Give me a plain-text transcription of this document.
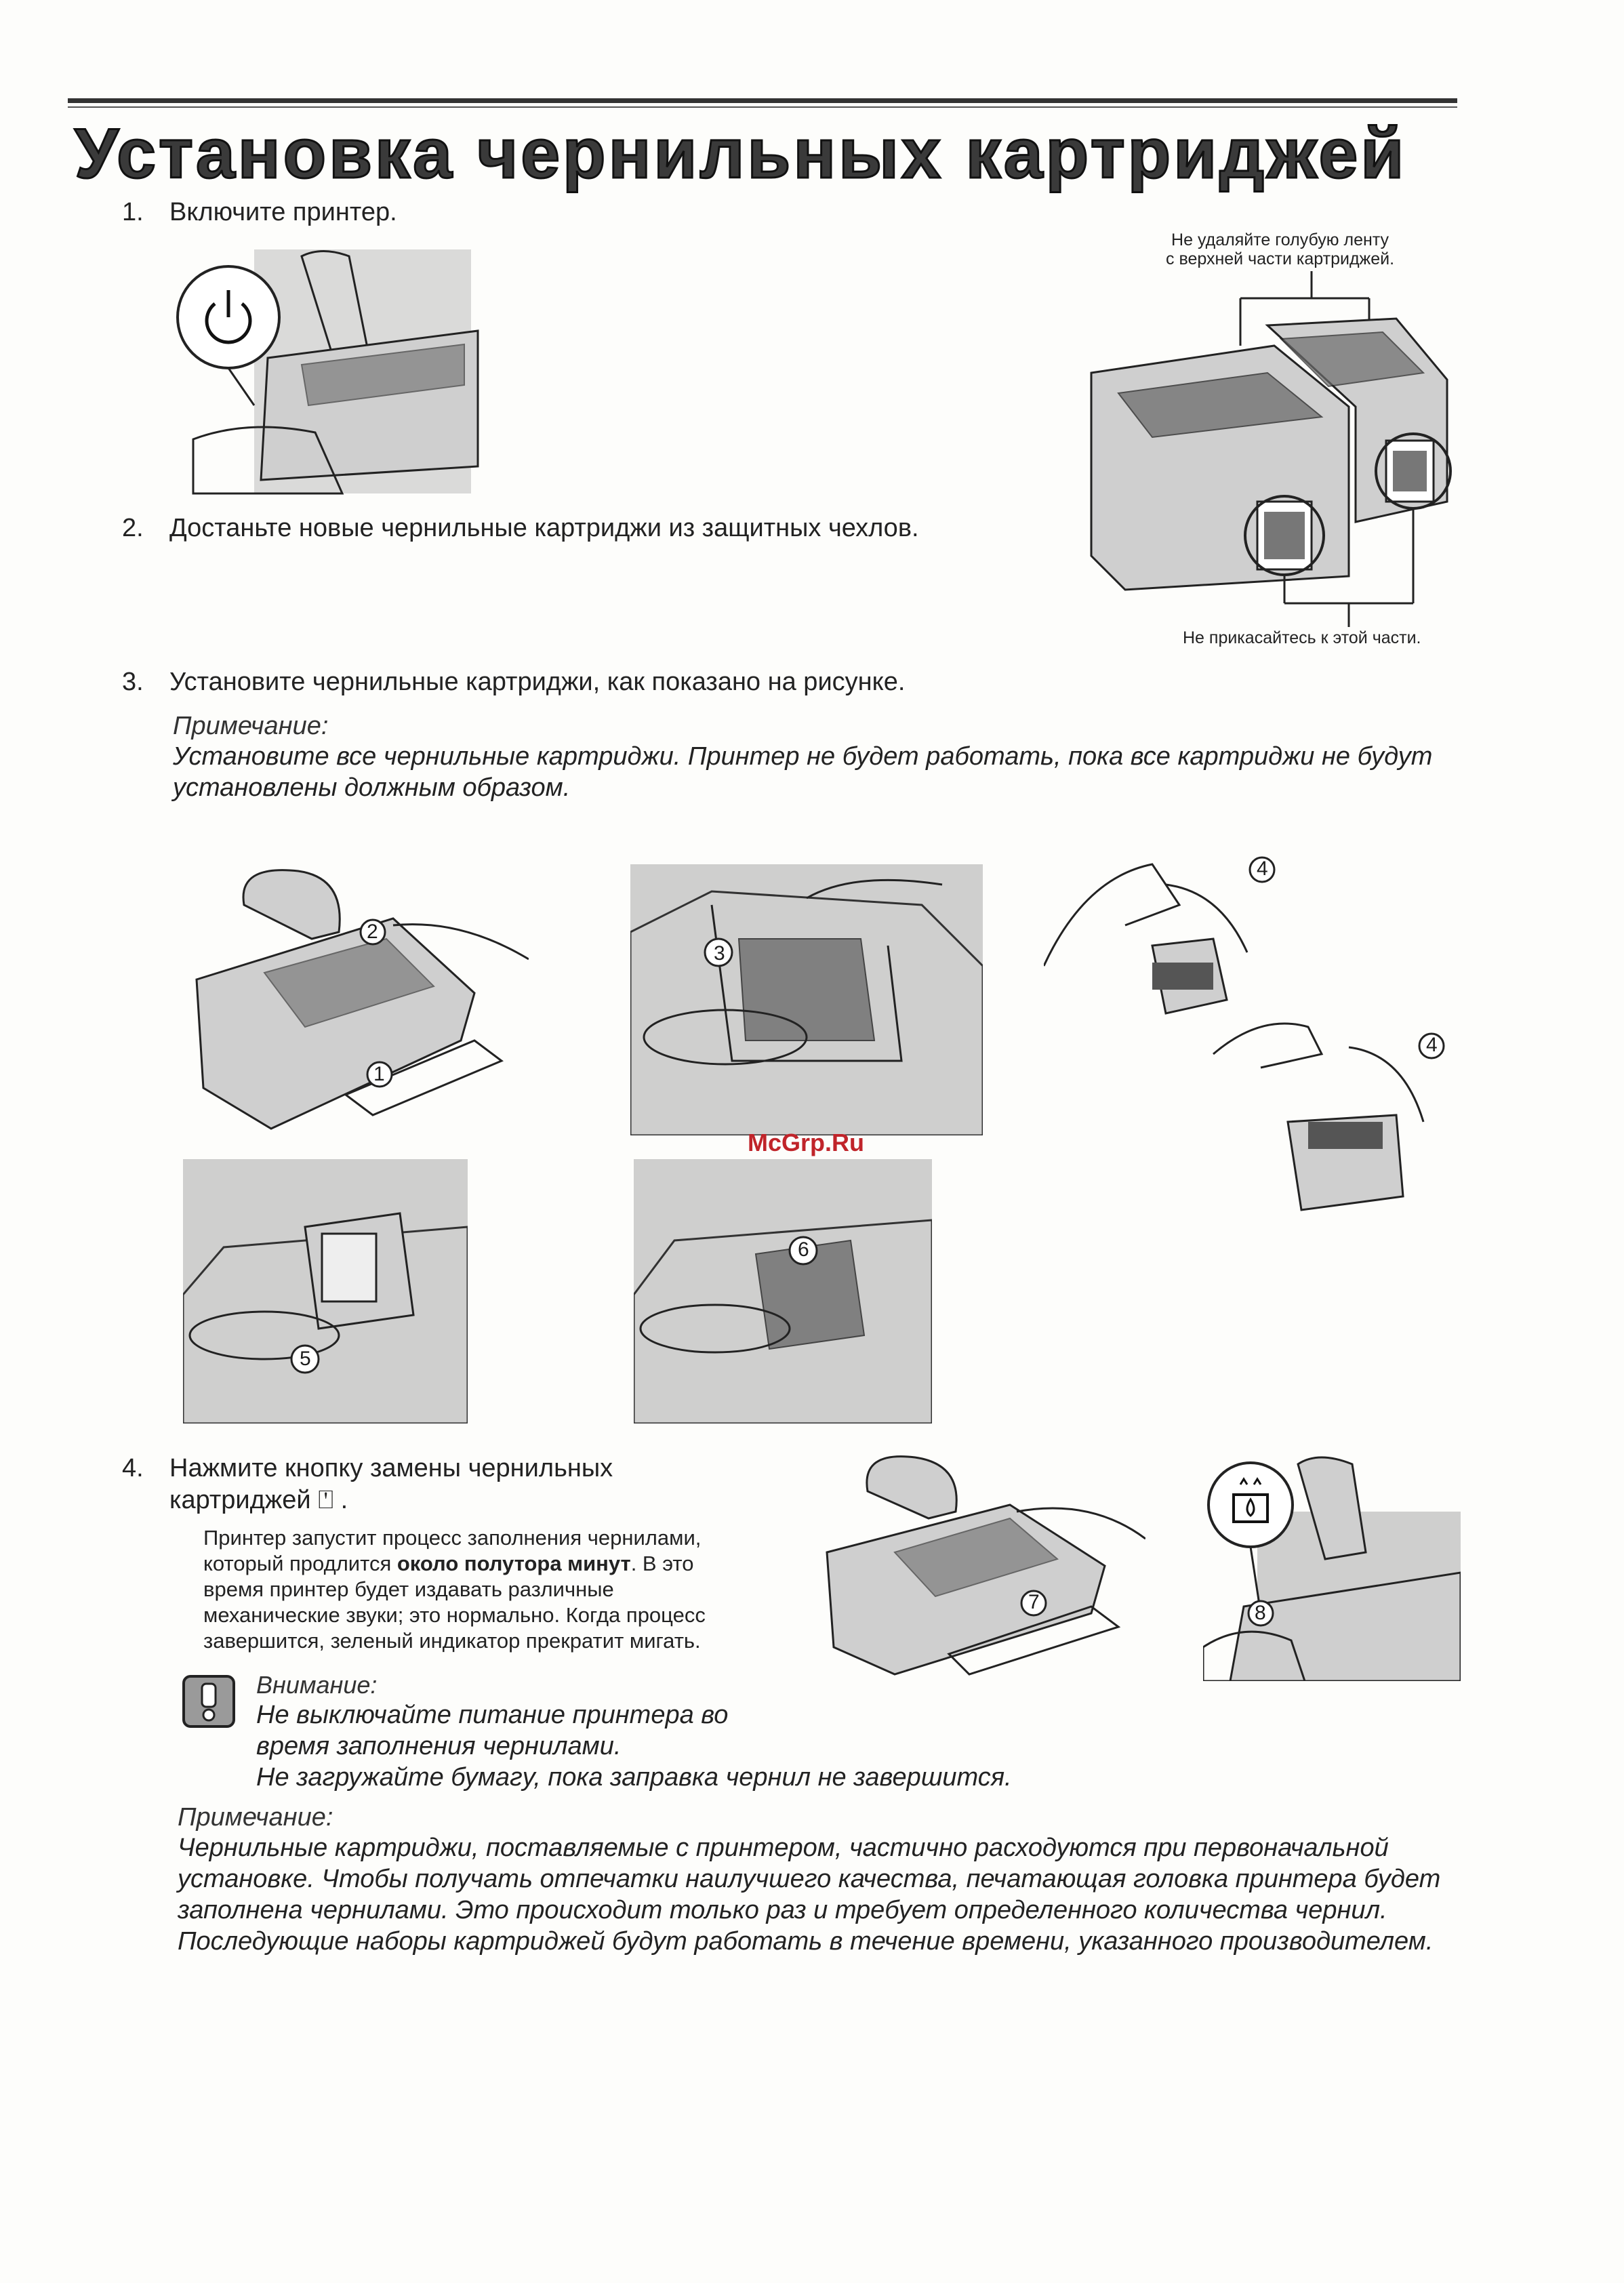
Установка чернильных картриджей
1. Включите принтер.
2. Достаньте новые чернильные картриджи из защитных чехлов.
Не удаляйте голубую ленту
с верхней части картриджей.
Не прикасайтесь к этой части.
3. Установите чернильные картриджи, как показано на рисунке.
Примечание:
Установите все чернильные картриджи. Принтер не будет работать, пока все картриджи не будут
установлены должным образом.
2
1
3
4
4
McGrp.Ru
5
6
4. Нажмите кнопку замены чернильных
картриджей ⍞ .
Принтер запустит процесс заполнения чернилами,
который продлится около полутора минут. В это
время принтер будет издавать различные
механические звуки; это нормально. Когда процесс
завершится, зеленый индикатор прекратит мигать.
7	8
Внимание:
Не выключайте питание принтера во
время заполнения чернилами.
Не загружайте бумагу, пока заправка чернил не завершится.
Примечание:
Чернильные картриджи, поставляемые с принтером, частично расходуются при первоначальной
установке. Чтобы получать отпечатки наилучшего качества, печатающая головка принтера будет
заполнена чернилами. Это происходит только раз и требует определенного количества чернил.
Последующие наборы картриджей будут работать в течение времени, указанного производителем.
